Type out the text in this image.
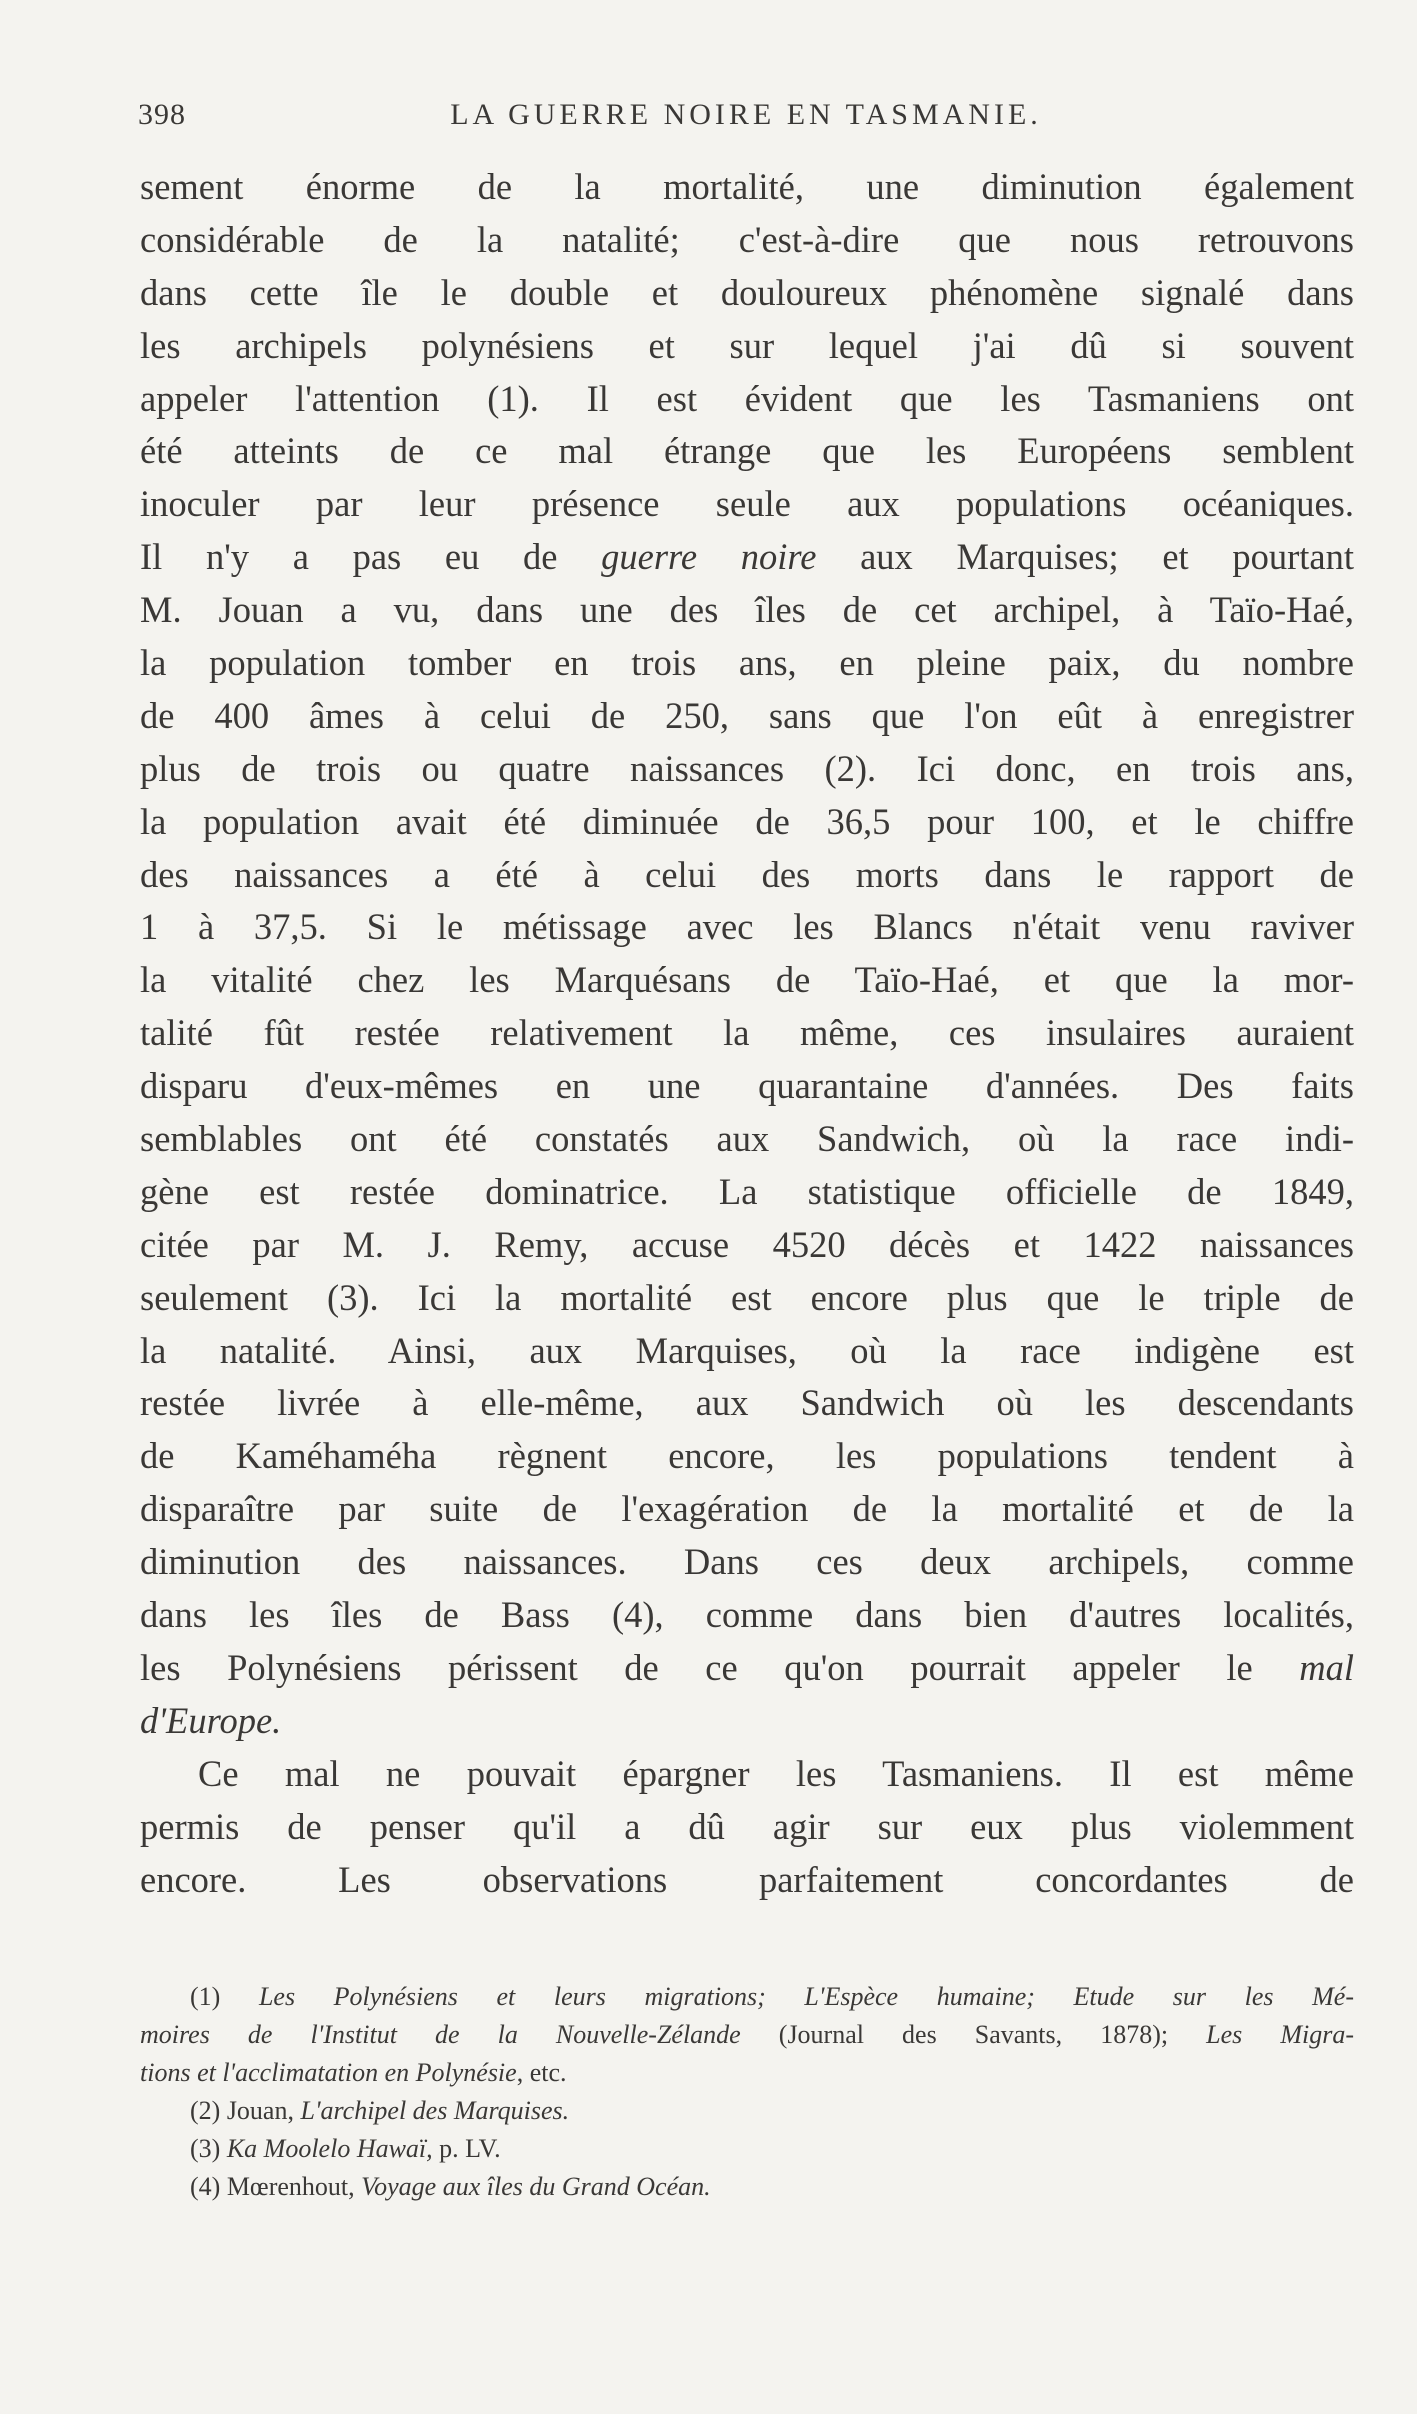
398	LA GUERRE NOIRE EN TASMANIE.
sement énorme de la mortalité, une diminution également
considérable de la natalité; c'est-à-dire que nous retrouvons
dans cette île le double et douloureux phénomène signalé dans
les archipels polynésiens et sur lequel j'ai dû si souvent
appeler l'attention (1). Il est évident que les Tasmaniens ont
été atteints de ce mal étrange que les Européens semblent
inoculer par leur présence seule aux populations océaniques.
Il n'y a pas eu de guerre noire aux Marquises; et pourtant
M. Jouan a vu, dans une des îles de cet archipel, à Taïo-Haé,
la population tomber en trois ans, en pleine paix, du nombre
de 400 âmes à celui de 250, sans que l'on eût à enregistrer
plus de trois ou quatre naissances (2). Ici donc, en trois ans,
la population avait été diminuée de 36,5 pour 100, et le chiffre
des naissances a été à celui des morts dans le rapport de
1 à 37,5. Si le métissage avec les Blancs n'était venu raviver
la vitalité chez les Marquésans de Taïo-Haé, et que la mor-
talité fût restée relativement la même, ces insulaires auraient
disparu d'eux-mêmes en une quarantaine d'années. Des faits
semblables ont été constatés aux Sandwich, où la race indi-
gène est restée dominatrice. La statistique officielle de 1849,
citée par M. J. Remy, accuse 4520 décès et 1422 naissances
seulement (3). Ici la mortalité est encore plus que le triple de
la natalité. Ainsi, aux Marquises, où la race indigène est
restée livrée à elle-même, aux Sandwich où les descendants
de Kaméhaméha règnent encore, les populations tendent à
disparaître par suite de l'exagération de la mortalité et de la
diminution des naissances. Dans ces deux archipels, comme
dans les îles de Bass (4), comme dans bien d'autres localités,
les Polynésiens périssent de ce qu'on pourrait appeler le mal
d'Europe.
Ce mal ne pouvait épargner les Tasmaniens. Il est même
permis de penser qu'il a dû agir sur eux plus violemment
encore. Les observations parfaitement concordantes de
(1) Les Polynésiens et leurs migrations; L'Espèce humaine; Etude sur les Mé-
moires de l'Institut de la Nouvelle-Zélande (Journal des Savants, 1878); Les Migra-
tions et l'acclimatation en Polynésie, etc.
(2) Jouan, L'archipel des Marquises.
(3) Ka Moolelo Hawaï, p. LV.
(4) Mœrenhout, Voyage aux îles du Grand Océan.
